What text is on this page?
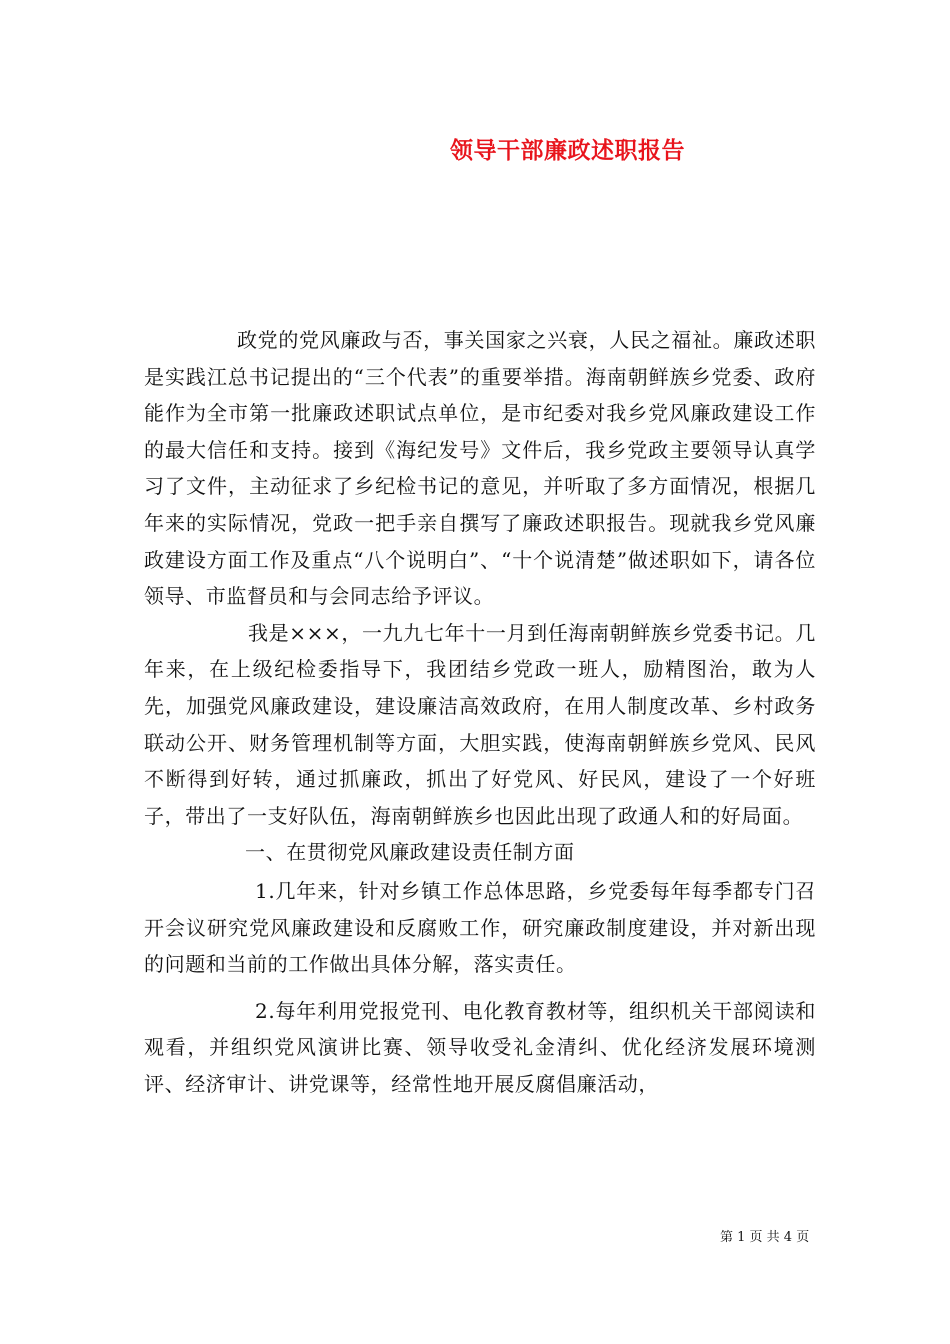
领导干部廉政述职报告

政党的党风廉政与否，事关国家之兴衰，人民之福祉。廉政述职是实践江总书记提出的“三个代表”的重要举措。海南朝鲜族乡党委、政府能作为全市第一批廉政述职试点单位，是市纪委对我乡党风廉政建设工作的最大信任和支持。接到《海纪发号》文件后，我乡党政主要领导认真学习了文件，主动征求了乡纪检书记的意见，并听取了多方面情况，根据几年来的实际情况，党政一把手亲自撰写了廉政述职报告。现就我乡党风廉政建设方面工作及重点“八个说明白”、“十个说清楚”做述职如下，请各位领导、市监督员和与会同志给予评议。

我是×××，一九九七年十一月到任海南朝鲜族乡党委书记。几年来，在上级纪检委指导下，我团结乡党政一班人，励精图治，敢为人先，加强党风廉政建设，建设廉洁高效政府，在用人制度改革、乡村政务联动公开、财务管理机制等方面，大胆实践，使海南朝鲜族乡党风、民风不断得到好转，通过抓廉政，抓出了好党风、好民风，建设了一个好班子，带出了一支好队伍，海南朝鲜族乡也因此出现了政通人和的好局面。

一、在贯彻党风廉政建设责任制方面

1.几年来，针对乡镇工作总体思路，乡党委每年每季都专门召开会议研究党风廉政建设和反腐败工作，研究廉政制度建设，并对新出现的问题和当前的工作做出具体分解，落实责任。

2.每年利用党报党刊、电化教育教材等，组织机关干部阅读和观看，并组织党风演讲比赛、领导收受礼金清纠、优化经济发展环境测评、经济审计、讲党课等，经常性地开展反腐倡廉活动，

第 1 页 共 4 页
